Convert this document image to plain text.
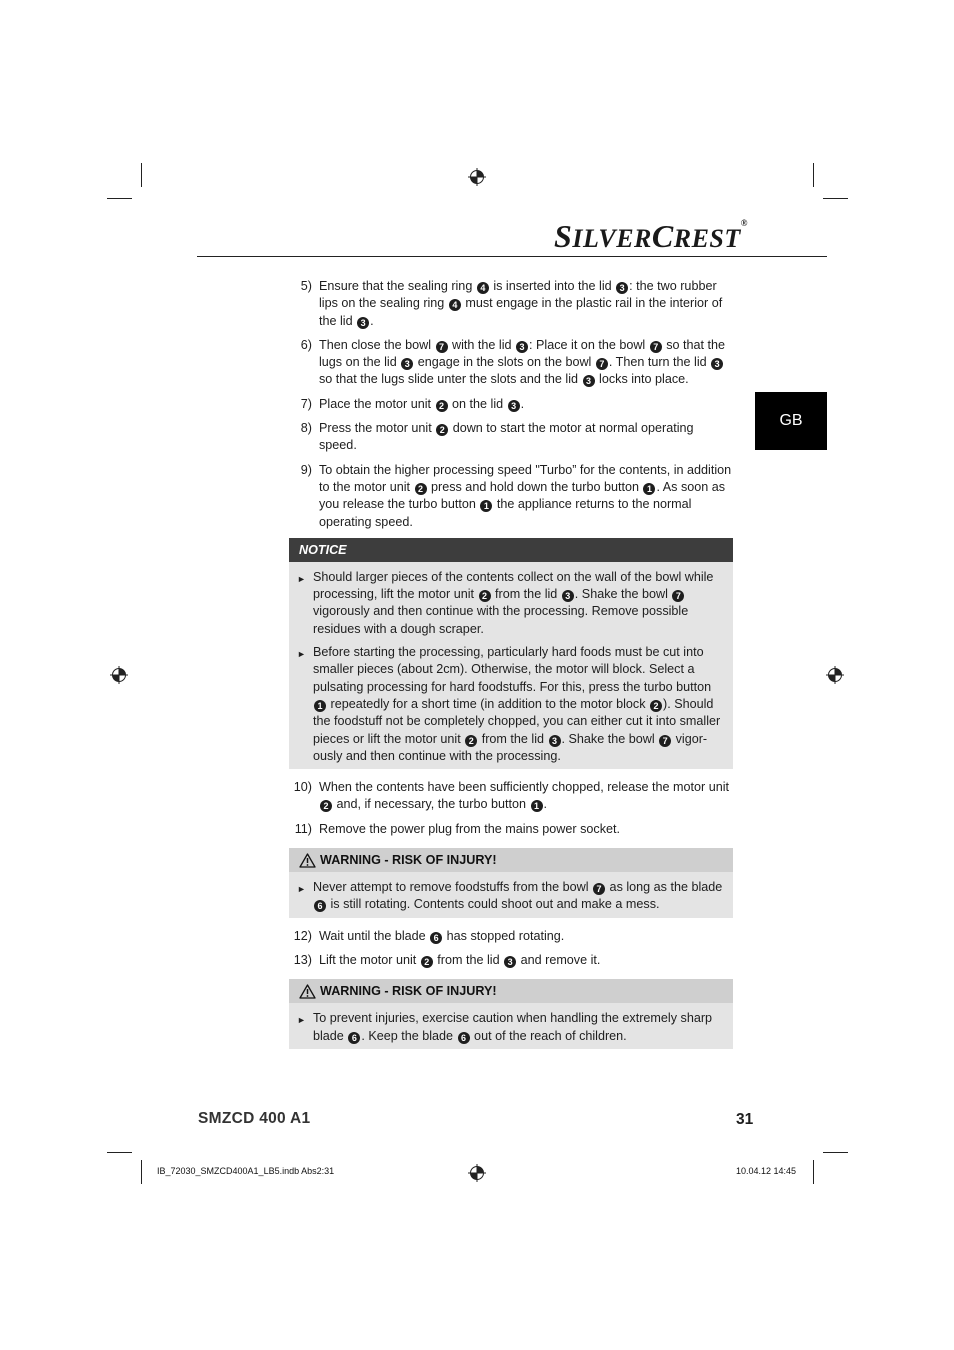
SILVERCREST®
GB
5) Ensure that the sealing ring 4 is inserted into the lid 3 : the two rubber lips on the sealing ring 4 must engage in the plastic rail in the interior of the lid 3 .
6) Then close the bowl 7 with the lid 3 : Place it on the bowl 7 so that the lugs on the lid 3 engage in the slots on the bowl 7 . Then turn the lid 3 so that the lugs slide unter the slots and the lid 3 locks into place.
7) Place the motor unit 2 on the lid 3 .
8) Press the motor unit 2 down to start the motor at normal operating speed.
9) To obtain the higher processing speed "Turbo” for the contents, in addition to the motor unit 2 press and hold down the turbo button 1 . As soon as you release the turbo button 1 the appliance returns to the normal operating speed.
NOTICE
► Should larger pieces of the contents collect on the wall of the bowl while processing, lift the motor unit 2 from the lid 3 . Shake the bowl 7 vigorously and then continue with the processing. Remove possible residues with a dough scraper.
► Before starting the processing, particularly hard foods must be cut into smaller pieces (about 2cm). Otherwise, the motor will block. Select a pulsating processing for hard foodstuffs. For this, press the turbo button 1 repeatedly for a short time (in addition to the motor block 2 ). Should the foodstuff not be completely chopped, you can either cut it into smaller pieces or lift the motor unit 2 from the lid 3 . Shake the bowl 7 vigor-ously and then continue with the processing.
10) When the contents have been sufficiently chopped, release the motor unit 2 and, if necessary, the turbo button 1 .
11) Remove the power plug from the mains power socket.
WARNING - RISK OF INJURY!
► Never attempt to remove foodstuffs from the bowl 7 as long as the blade 6 is still rotating. Contents could shoot out and make a mess.
12) Wait until the blade 6 has stopped rotating.
13) Lift the motor unit 2 from the lid 3 and remove it.
WARNING - RISK OF INJURY!
► To prevent injuries, exercise caution when handling the extremely sharp blade 6 . Keep the blade 6 out of the reach of children.
SMZCD 400 A1	31
IB_72030_SMZCD400A1_LB5.indb Abs2:31	10.04.12 14:45
